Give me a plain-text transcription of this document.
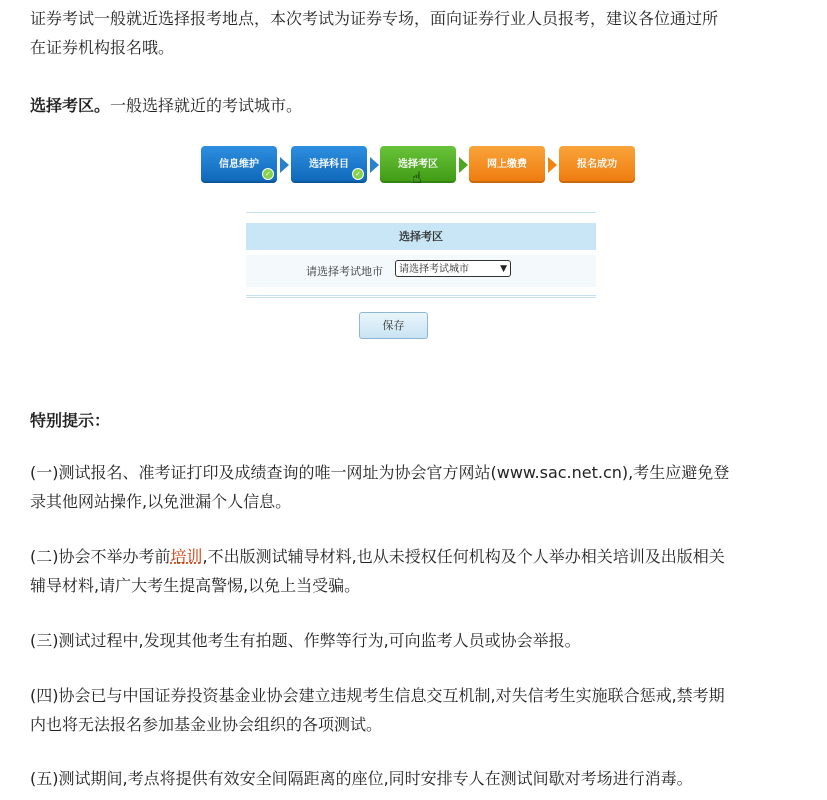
证券考试一般就近选择报考地点，本次考试为证券专场，面向证券行业人员报考，建议各位通过所
在证券机构报名哦。

选择考区。一般选择就近的考试城市。

信息维护
✓
选择科目
✓
选择考区
☝
网上缴费	报名成功
选择考区
请选择考试地市	请选择考试城市	▼
保存

特别提示：

(一)测试报名、准考证打印及成绩查询的唯一网址为协会官方网站(www.sac.net.cn),考生应避免登
录其他网站操作,以免泄漏个人信息。

(二)协会不举办考前培训,不出版测试辅导材料,也从未授权任何机构及个人举办相关培训及出版相关
辅导材料,请广大考生提高警惕,以免上当受骗。

(三)测试过程中,发现其他考生有拍题、作弊等行为,可向监考人员或协会举报。

(四)协会已与中国证券投资基金业协会建立违规考生信息交互机制,对失信考生实施联合惩戒,禁考期
内也将无法报名参加基金业协会组织的各项测试。

(五)测试期间,考点将提供有效安全间隔距离的座位,同时安排专人在测试间歇对考场进行消毒。
